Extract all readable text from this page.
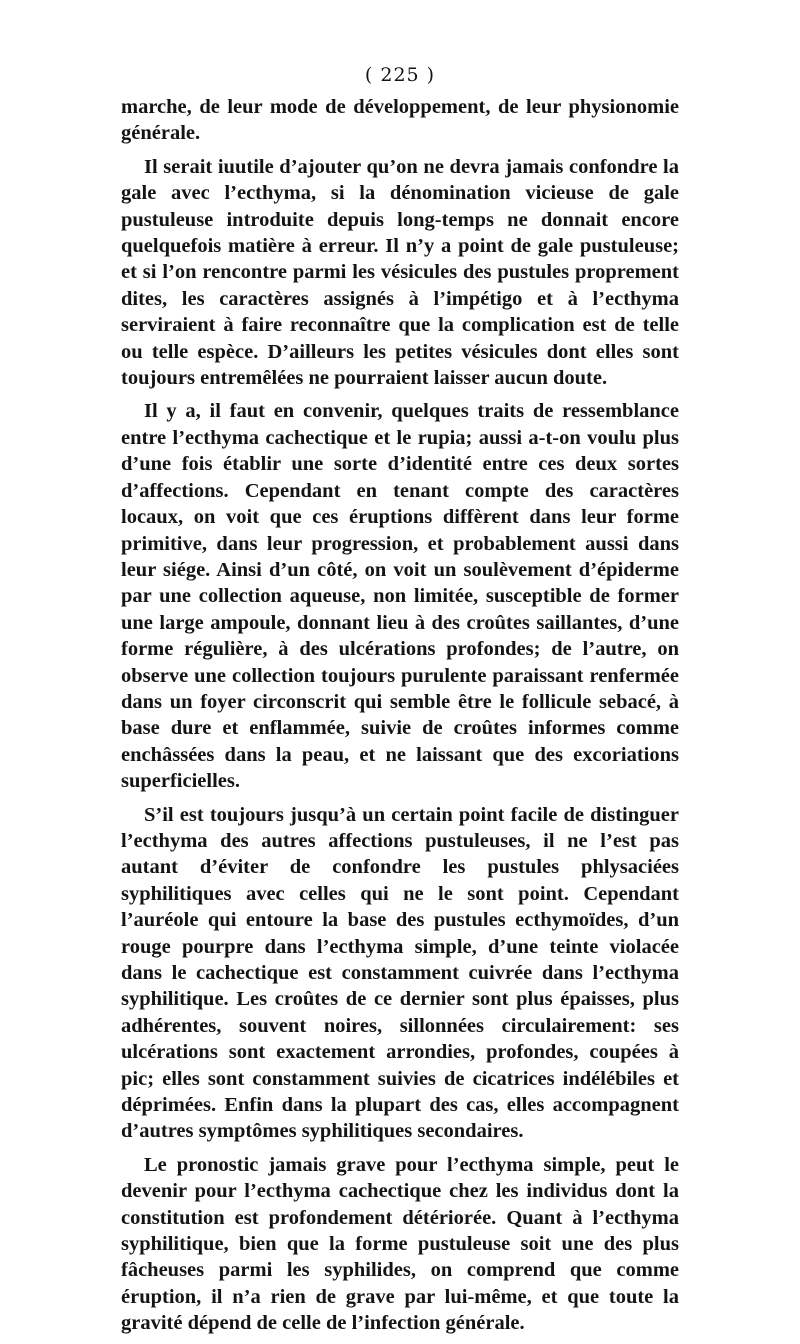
( 225 )

marche, de leur mode de développement, de leur physionomie générale.

Il serait iuutile d’ajouter qu’on ne devra jamais confondre la gale avec l’ecthyma, si la dénomination vicieuse de gale pustuleuse introduite depuis long-temps ne donnait encore quelquefois matière à erreur. Il n’y a point de gale pustuleuse; et si l’on rencontre parmi les vésicules des pustules proprement dites, les caractères assignés à l’impétigo et à l’ecthyma serviraient à faire reconnaître que la complication est de telle ou telle espèce. D’ailleurs les petites vésicules dont elles sont toujours entremêlées ne pourraient laisser aucun doute.

Il y a, il faut en convenir, quelques traits de ressemblance entre l’ecthyma cachectique et le rupia; aussi a-t-on voulu plus d’une fois établir une sorte d’identité entre ces deux sortes d’affections. Cependant en tenant compte des caractères locaux, on voit que ces éruptions diffèrent dans leur forme primitive, dans leur progression, et probablement aussi dans leur siége. Ainsi d’un côté, on voit un soulèvement d’épiderme par une collection aqueuse, non limitée, susceptible de former une large ampoule, donnant lieu à des croûtes saillantes, d’une forme régulière, à des ulcérations profondes; de l’autre, on observe une collection toujours purulente paraissant renfermée dans un foyer circonscrit qui semble être le follicule sebacé, à base dure et enflammée, suivie de croûtes informes comme enchâssées dans la peau, et ne laissant que des excoriations superficielles.

S’il est toujours jusqu’à un certain point facile de distinguer l’ecthyma des autres affections pustuleuses, il ne l’est pas autant d’éviter de confondre les pustules phlysaciées syphilitiques avec celles qui ne le sont point. Cependant l’auréole qui entoure la base des pustules ecthymoïdes, d’un rouge pourpre dans l’ecthyma simple, d’une teinte violacée dans le cachectique est constamment cuivrée dans l’ecthyma syphilitique. Les croûtes de ce dernier sont plus épaisses, plus adhérentes, souvent noires, sillonnées circulairement: ses ulcérations sont exactement arrondies, profondes, coupées à pic; elles sont constamment suivies de cicatrices indélébiles et déprimées. Enfin dans la plupart des cas, elles accompagnent d’autres symptômes syphilitiques secondaires.

Le pronostic jamais grave pour l’ecthyma simple, peut le devenir pour l’ecthyma cachectique chez les individus dont la constitution est profondement détériorée. Quant à l’ecthyma syphilitique, bien que la forme pustuleuse soit une des plus fâcheuses parmi les syphilides, on comprend que comme éruption, il n’a rien de grave par lui-même, et que toute la gravité dépend de celle de l’infection générale.
